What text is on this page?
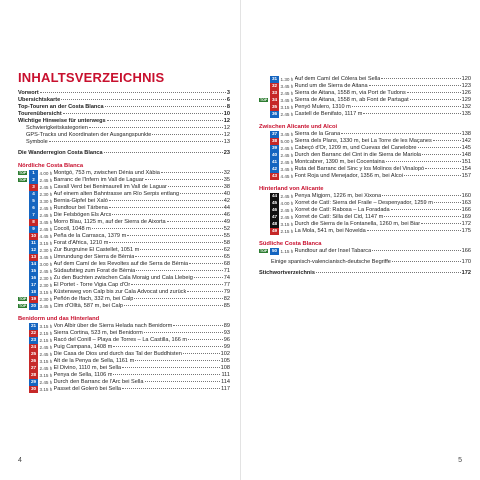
INHALTSVERZEICHNIS
Vorwort	3
Übersichtskarte	6
Top-Touren an der Costa Blanca	8
Tourenübersicht	10
Wichtige Hinweise für unterwegs	12
Schwierigkeitskategorien	12
GPS-Tracks und Koordinaten der Ausgangspunkte	12
Symbole	13
Die Wanderregion Costa Blanca	23
Nördliche Costa Blanca
TOP	1	4.00 h Montgó, 753 m, zwischen Dénia und Xàbia	32
TOP	2	2.45 h Barranc de l'Infern im Vall de Laguar	35
3	2.45 h Cavall Verd bei Benimaurell im Vall de Laguar	38
4	2.30 h Auf einem alten Bahntrasse am Río Serpis entlang	40
5	3.30 h Bernia-Gipfel bei Xaló	42
6	2.45 h Rundtour bei Tárbena	44
7	2.45 h Die Felsbögen Els Arcs	46
8	3.45 h Morro Blau, 1125 m, auf der Sierra de Aixorta	49
9	2.45 h Cocoll, 1048 m	52
10 4.45 h Peña de la Carrasca, 1379 m	55
11 3.15 h Forat d'Àfrica, 1210 m	58
12 2.30 h Zur Burgruine El Castellet, 1051 m	62
13 3.45 h Umrundung der Sierra de Bèrnia	65
14 3.00 h Auf dem Camí de les Revoltes auf die Serra de Bèrnia	68
15 2.45 h Südaufstieg zum Forat de Bèrnia	71
16 2.30 h Zu den Buchten zwischen Cala Moraig und Cala Llebeig	74
17 2.30 h El Portet - Torre Vigia Cap d'Or	77
18 3.15 h Küstenweg von Calp bis zur Cala Advocat und zurück	79
TOP	19 2.30 h Peñón de Ifach, 332 m, bei Calp	82
TOP	20 3.45 h Cim d'Olltà, 587 m, bei Calp	85
Benidorm und das Hinterland
21 3.15 h Von Albir über die Sierra Helada nach Benidorm	89
22 2.15 h Sierra Cortina, 523 m, bei Benidorm	93
23 2.15 h Racó del Conill – Playa de Torres – La Castilla, 166 m	96
24 2.45 h Puig Campana, 1408 m	99
25 2.45 h Die Casa de Dios und durch das Tal der Buddhisten	102
26 3.15 h Alt de la Penya de Sella, 1161 m	105
27 2.45 h El Divino, 1110 m, bei Sella	108
28 3.15 h Penya de Sella, 1106 m	111
29 2.45 h Durch den Barranc de l'Arc bei Sella	114
30 3.15 h Passet del Golerò bei Sella	117
4
31 1.30 h Auf dem Camí del Còlera bei Sella	120
32 3.45 h Rund um die Sierra de Aitana	123
33 2.45 h Sierra de Aitana, 1558 m, via Port de Tudons	126
TOP	34 3.45 h Sierra de Aitana, 1558 m, ab Font de Partagat	129
35 3.15 h Penyó Mulero, 1310 m	132
36 2.45 h Castell de Benifato, 1117 m	135
Zwischen Alicante und Alcoi
37 3.45 h Sierra de la Grana	138
38 5.00 h Sierra dels Plans, 1330 m, bei La Torre de les Maçanes	142
39 2.45 h Cabeçó d'Or, 1209 m, und Cuevas del Canelobre	145
40 2.45 h Durch den Barranc del Cint in die Sierra de Mariola	148
41 2.45 h Montcabrer, 1390 m, bei Cocentaina	151
42 3.45 h Ruta del Barranc del Sinc y los Molinos del Vinalopó	154
43 4.45 h Font Roja und Menejador, 1356 m, bei Alcoi	157
Hinterland von Alicante
44 2.45 h Penya Migjorn, 1226 m, bei Xixona	160
45 4.00 h Xorret de Catí: Sierra del Fraile – Despenyador, 1259 m	163
46 2.45 h Xorret de Catí: Rabosa – La Foradada	166
47 2.45 h Xorret de Catí: Silla del Cid, 1147 m	169
48 3.15 h Durch die Sierra de la Fontanella, 1260 m, bei Biar	172
49 2.15 h La Mola, 541 m, bei Novelda	175
Südliche Costa Blanca
TOP	50 1.15 h Rundtour auf der Insel Tabarca	166
Einige spanisch-valencianisch-deutsche Begriffe	170
Stichwortverzeichnis	172
5
